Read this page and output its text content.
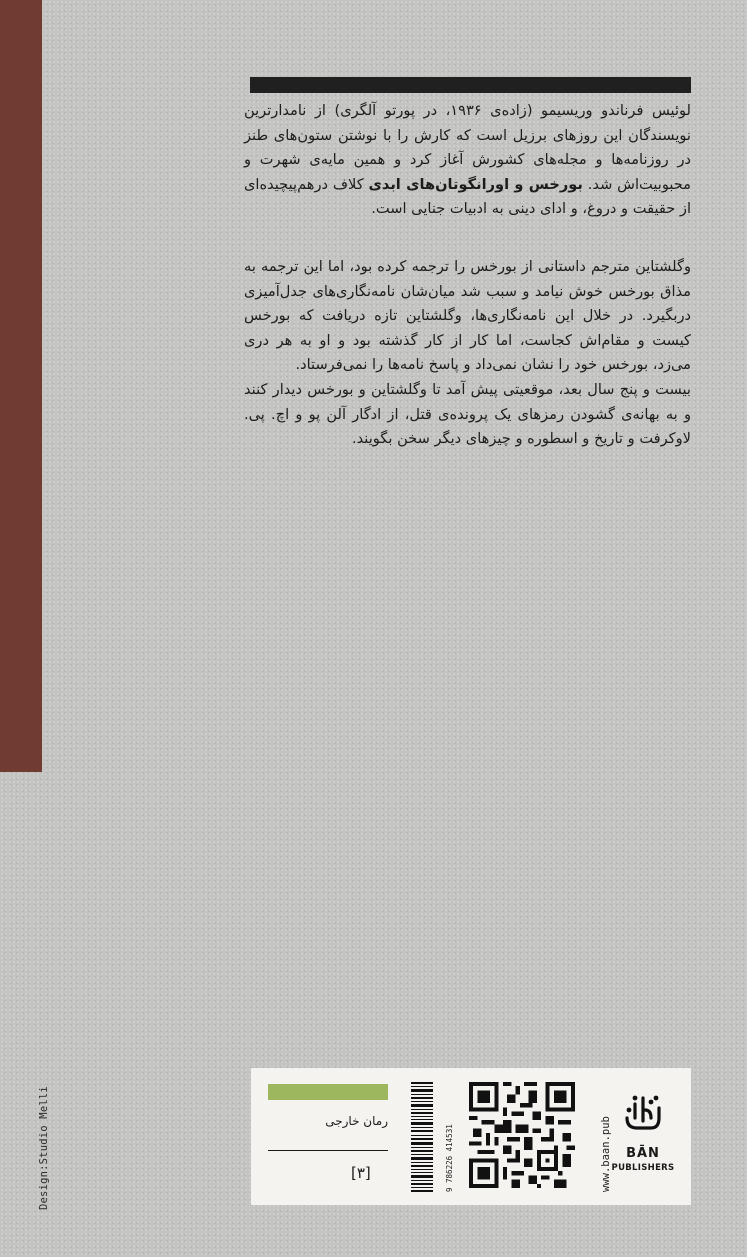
لوئیس فرناندو وریسیمو (زاده‌ی ۱۹۳۶، در پورتو آلگری) از نامدارترین نویسندگان این روزهای برزیل است که کارش را با نوشتن ستون‌های طنز در روزنامه‌ها و مجله‌های کشورش آغاز کرد و همین مایه‌ی شهرت و محبوبیت‌اش شد. بورخس و اورانگوتان‌های ابدی کلاف درهم‌پیچیده‌ای از حقیقت و دروغ، و ادای دینی به ادبیات جنایی است.

وگلشتاین مترجم داستانی از بورخس را ترجمه کرده بود، اما این ترجمه به مذاق بورخس خوش نیامد و سبب شد میان‌شان نامه‌نگاری‌های جدل‌آمیزی دربگیرد. در خلال این نامه‌نگاری‌ها، وگلشتاین تازه دریافت که بورخس کیست و مقام‌اش کجاست، اما کار از کار گذشته بود و او به هر دری می‌زد، بورخس خود را نشان نمی‌داد و پاسخ نامه‌ها را نمی‌فرستاد.

بیست و پنج سال بعد، موقعیتی پیش آمد تا وگلشتاین و بورخس دیدار کنند و به بهانه‌ی گشودن رمزهای یک پرونده‌ی قتل، از ادگار آلن پو و اچ. پی. لاوکرفت و تاریخ و اسطوره و چیزهای دیگر سخن بگویند.

Design:Studio Melli	رمان خارجی
[۳]	9 786226 414531	www.baan.pub	BĀN
PUBLISHERS
